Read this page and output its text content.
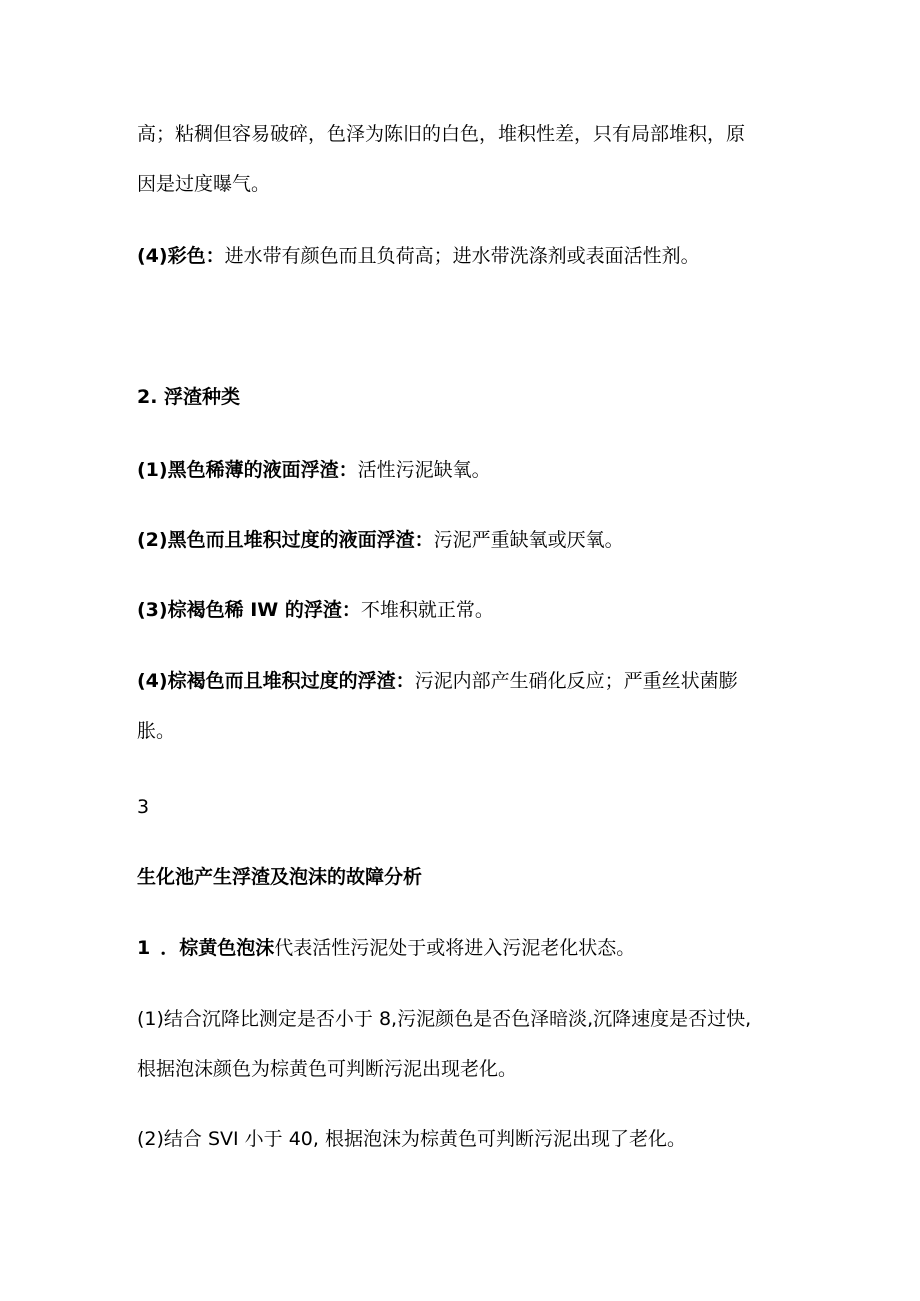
高；粘稠但容易破碎，色泽为陈旧的白色，堆积性差，只有局部堆积，原
因是过度曝气。
(4)彩色：进水带有颜色而且负荷高；进水带洗涤剂或表面活性剂。
2. 浮渣种类
(1)黑色稀薄的液面浮渣：活性污泥缺氧。
(2)黑色而且堆积过度的液面浮渣：污泥严重缺氧或厌氧。
(3)棕褐色稀 IW 的浮渣：不堆积就正常。
(4)棕褐色而且堆积过度的浮渣：污泥内部产生硝化反应；严重丝状菌膨
胀。
3
生化池产生浮渣及泡沫的故障分析
1 ．棕黄色泡沫代表活性污泥处于或将进入污泥老化状态。
(1)结合沉降比测定是否小于 8,污泥颜色是否色泽暗淡,沉降速度是否过快,
根据泡沫颜色为棕黄色可判断污泥出现老化。
(2)结合 SVI 小于 40, 根据泡沫为棕黄色可判断污泥出现了老化。
